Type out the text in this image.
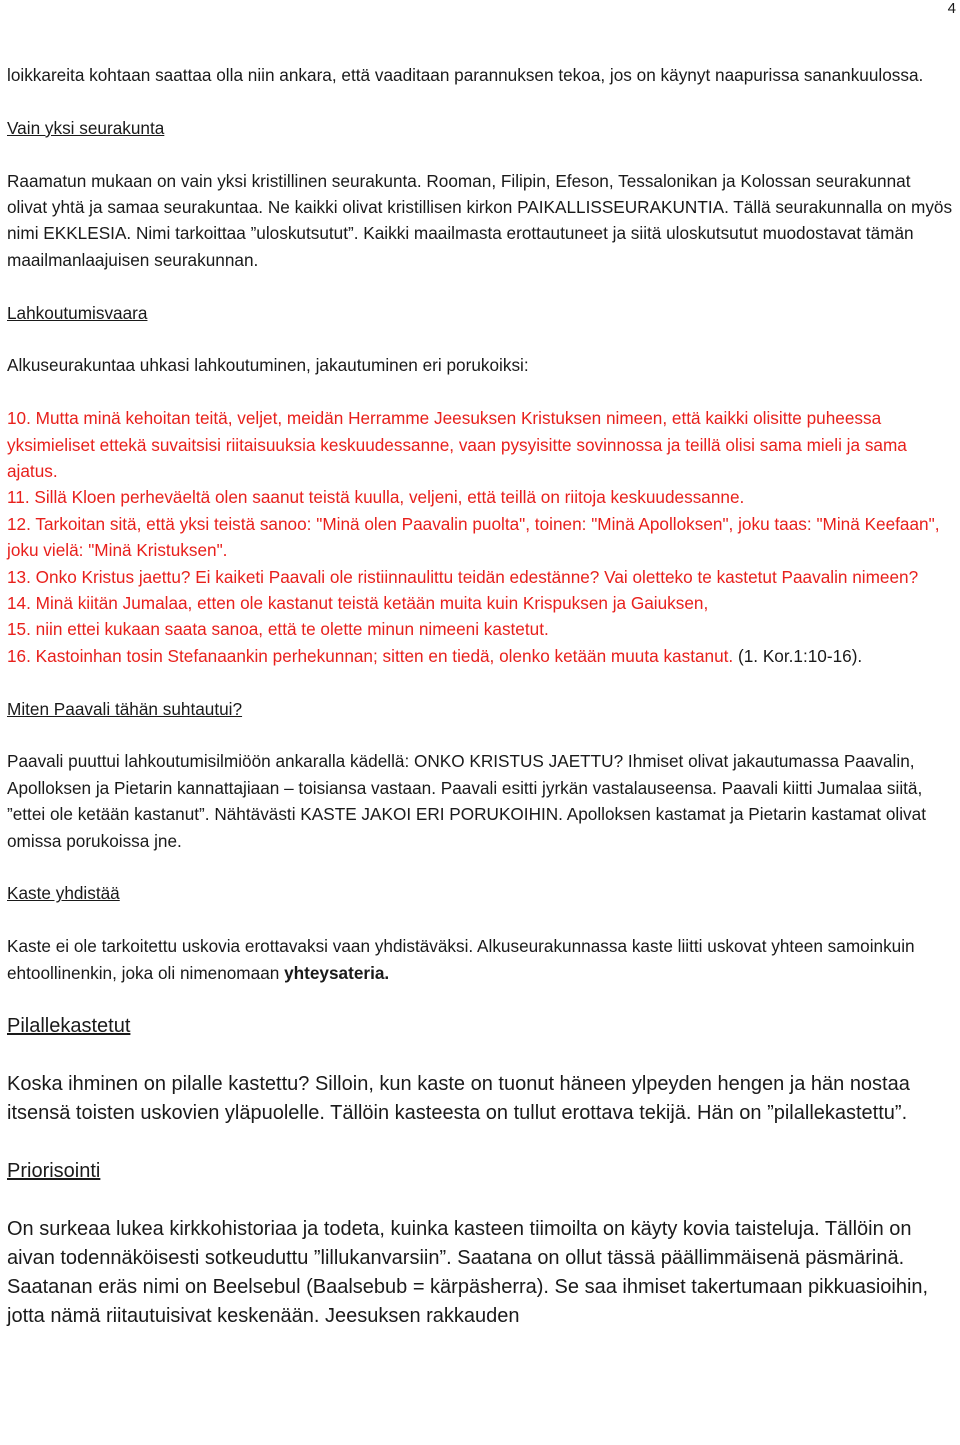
4

loikkareita kohtaan saattaa olla niin ankara, että vaaditaan parannuksen tekoa, jos on käynyt naapurissa sanankuulossa.

Vain yksi seurakunta

Raamatun mukaan on vain yksi kristillinen seurakunta. Rooman, Filipin, Efeson, Tessalonikan ja Kolossan seurakunnat olivat yhtä ja samaa seurakuntaa. Ne kaikki olivat kristillisen kirkon PAIKALLISSEURAKUNTIA. Tällä seurakunnalla on myös nimi EKKLESIA. Nimi tarkoittaa ”uloskutsutut”. Kaikki maailmasta erottautuneet ja siitä uloskutsutut muodostavat tämän maailmanlaajuisen seurakunnan.

Lahkoutumisvaara

Alkuseurakuntaa uhkasi lahkoutuminen, jakautuminen eri porukoiksi:

10. Mutta minä kehoitan teitä, veljet, meidän Herramme Jeesuksen Kristuksen nimeen, että kaikki olisitte puheessa yksimieliset ettekä suvaitsisi riitaisuuksia keskuudessanne, vaan pysyisitte sovinnossa ja teillä olisi sama mieli ja sama ajatus.

11. Sillä Kloen perheväeltä olen saanut teistä kuulla, veljeni, että teillä on riitoja keskuudessanne.

12. Tarkoitan sitä, että yksi teistä sanoo: "Minä olen Paavalin puolta", toinen: "Minä Apolloksen", joku taas: "Minä Keefaan", joku vielä: "Minä Kristuksen".

13. Onko Kristus jaettu? Ei kaiketi Paavali ole ristiinnaulittu teidän edestänne? Vai oletteko te kastetut Paavalin nimeen?

14. Minä kiitän Jumalaa, etten ole kastanut teistä ketään muita kuin Krispuksen ja Gaiuksen,

15. niin ettei kukaan saata sanoa, että te olette minun nimeeni kastetut.

16. Kastoinhan tosin Stefanaankin perhekunnan; sitten en tiedä, olenko ketään muuta kastanut. (1. Kor.1:10-16).

Miten Paavali tähän suhtautui?

Paavali puuttui lahkoutumisilmiöön ankaralla kädellä: ONKO KRISTUS JAETTU? Ihmiset olivat jakautumassa Paavalin, Apolloksen ja Pietarin kannattajiaan – toisiansa vastaan. Paavali esitti jyrkän vastalauseensa. Paavali kiitti Jumalaa siitä, ”ettei ole ketään kastanut”. Nähtävästi KASTE JAKOI ERI PORUKOIHIN. Apolloksen kastamat ja Pietarin kastamat olivat omissa porukoissa jne.

Kaste yhdistää

Kaste ei ole tarkoitettu uskovia erottavaksi vaan yhdistäväksi. Alkuseurakunnassa kaste liitti uskovat yhteen samoinkuin ehtoollinenkin, joka oli nimenomaan yhteysateria.

Pilallekastetut

Koska ihminen on pilalle kastettu? Silloin, kun kaste on tuonut häneen ylpeyden hengen ja hän nostaa itsensä toisten uskovien yläpuolelle. Tällöin kasteesta on tullut erottava tekijä. Hän on ”pilallekastettu”.

Priorisointi

On surkeaa lukea kirkkohistoriaa ja todeta, kuinka kasteen tiimoilta on käyty kovia taisteluja. Tällöin on aivan todennäköisesti sotkeuduttu ”lillukanvarsiin”. Saatana on ollut tässä päällimmäisenä päsmärinä. Saatanan eräs nimi on Beelsebul (Baalsebub = kärpäsherra). Se saa ihmiset takertumaan pikkuasioihin, jotta nämä riitautuisivat keskenään. Jeesuksen rakkauden
